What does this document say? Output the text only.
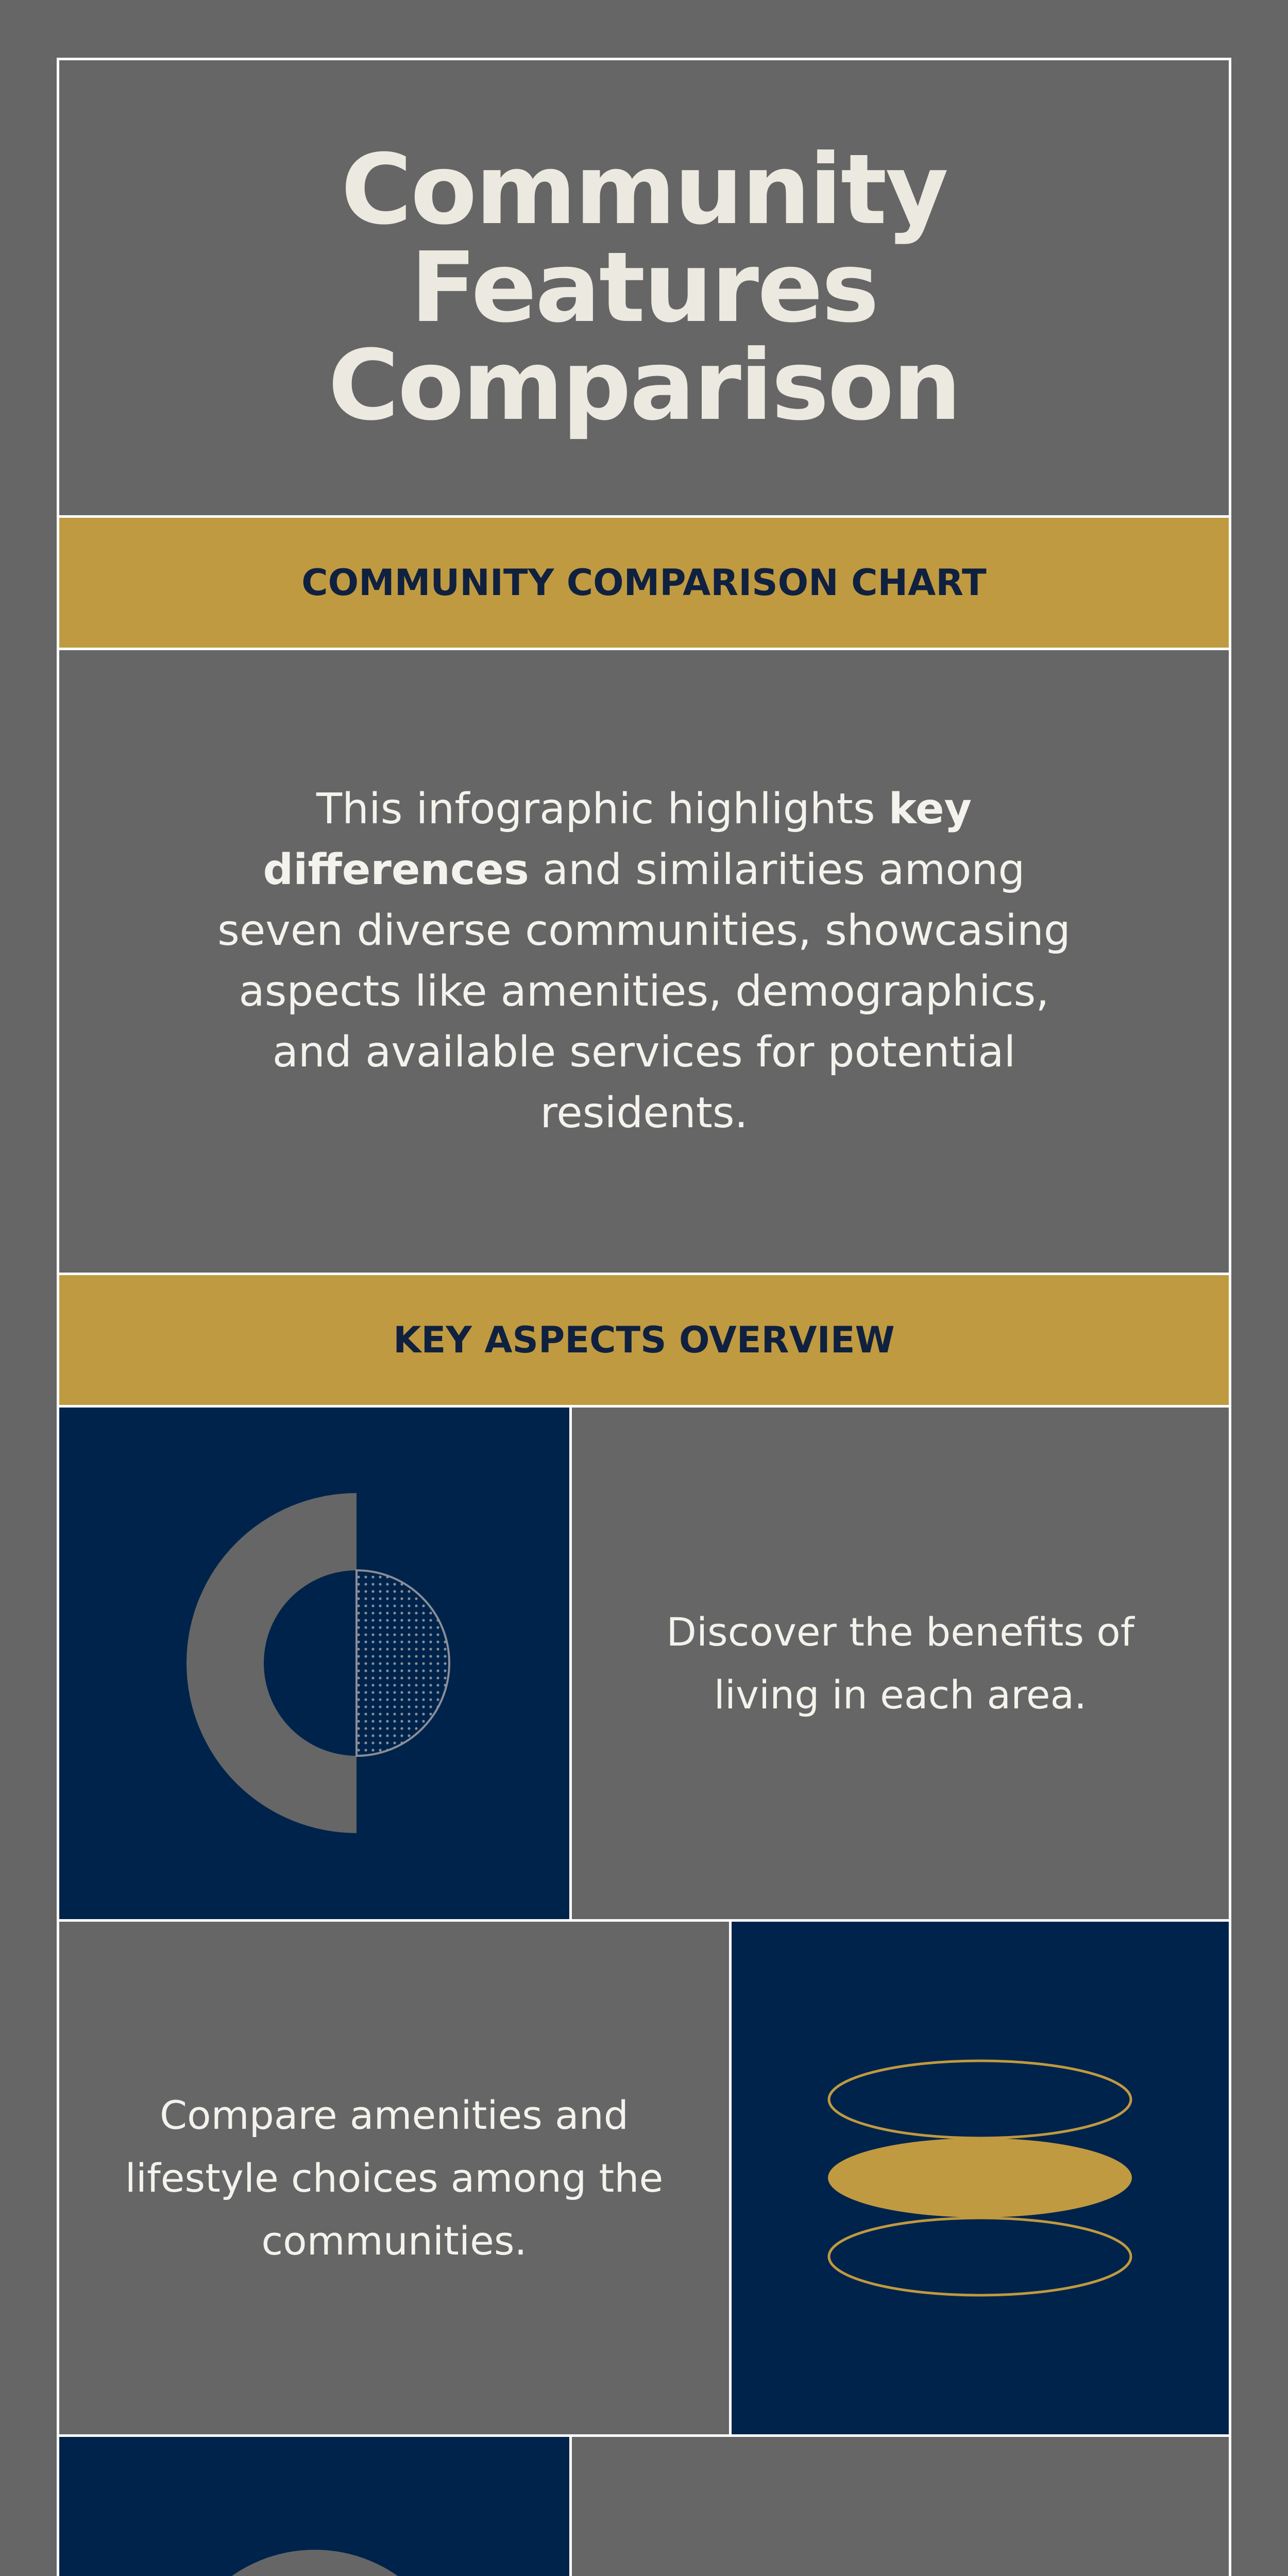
Community
Features
Comparison
COMMUNITY COMPARISON CHART
This infographic highlights key differences and similarities among seven diverse communities, showcasing aspects like amenities, demographics, and available services for potential residents.
KEY ASPECTS OVERVIEW
Discover the benefits of living in each area.
Compare amenities and lifestyle choices among the communities.
